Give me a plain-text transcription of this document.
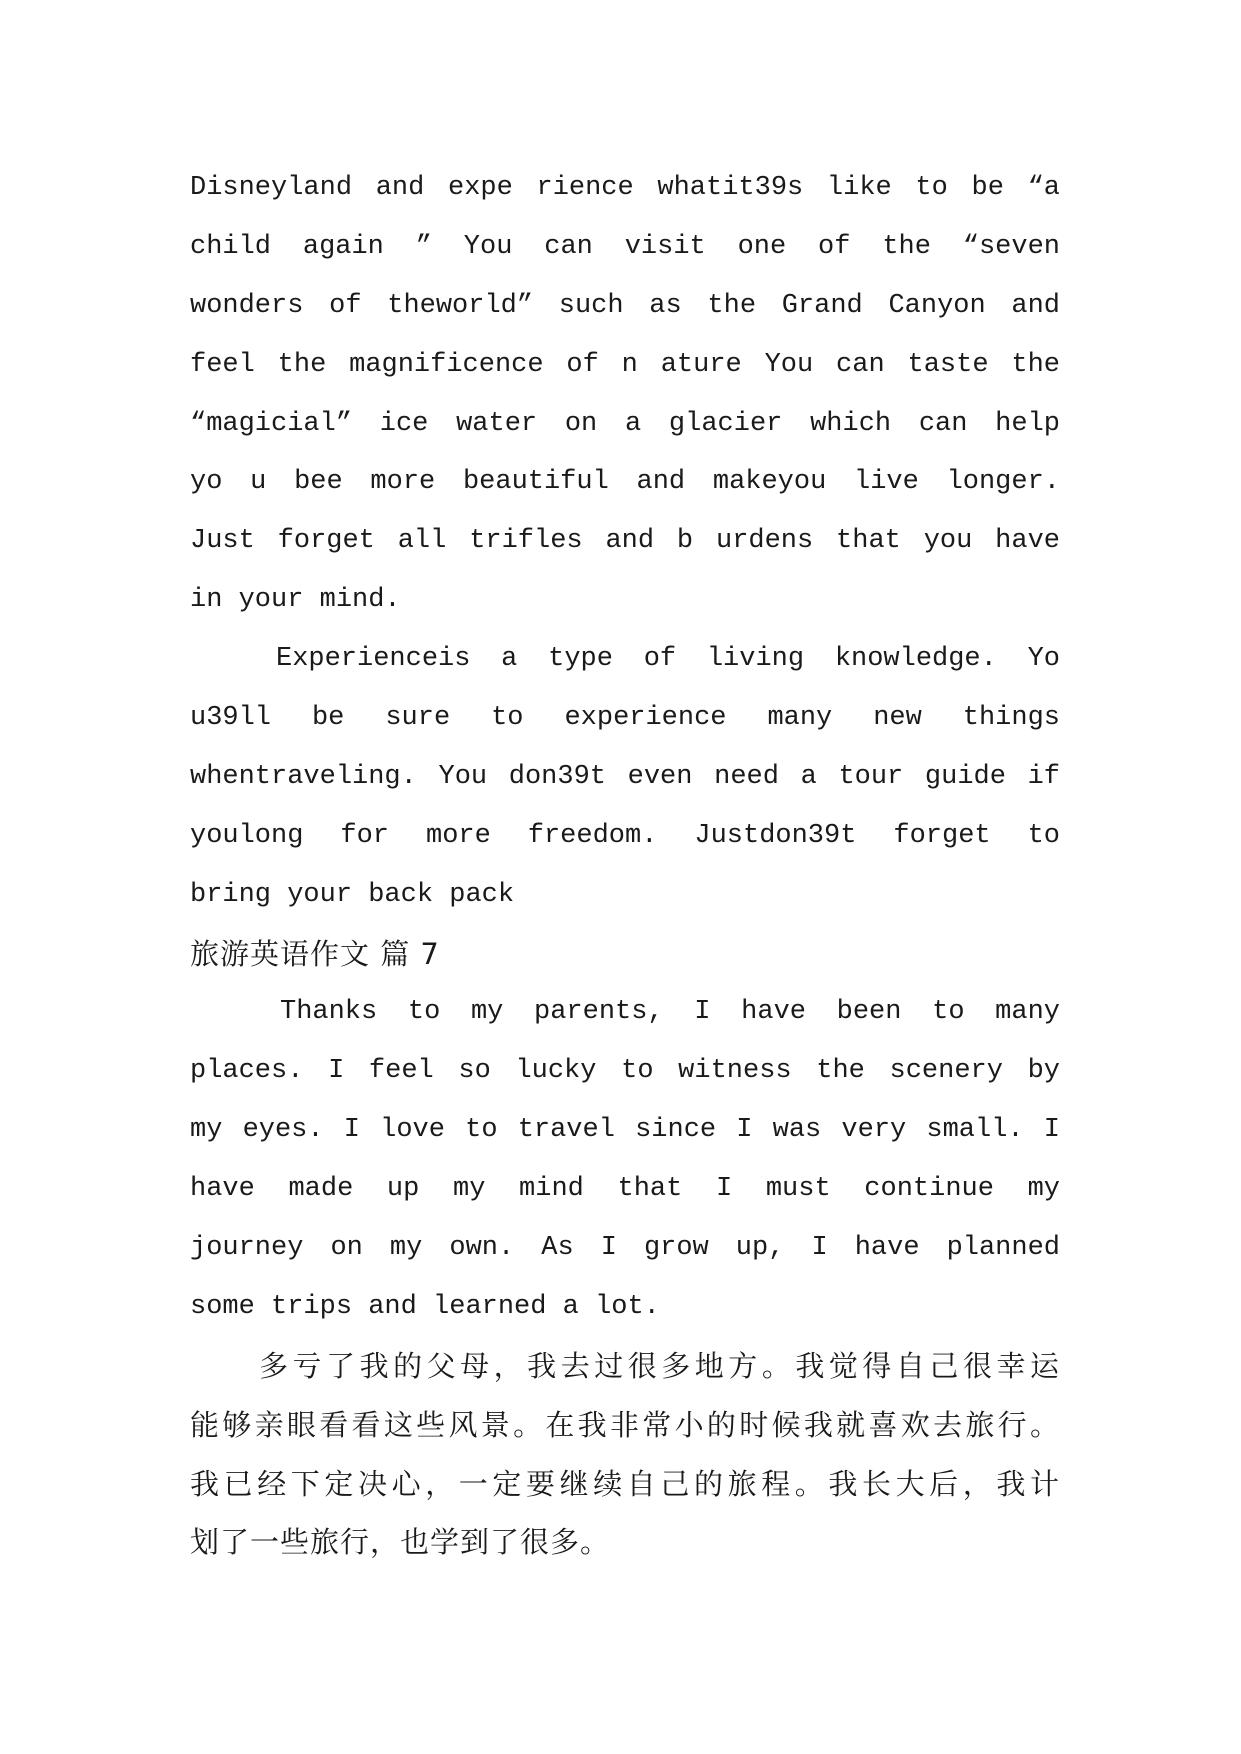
Disneyland and expe rience whatit39s like to be “a
child again ” You can visit one of the “seven
wonders of theworld” such as the Grand Canyon and
feel the magnificence of n ature You can taste the
“magicial” ice water on a glacier which can help
yo u bee more beautiful and makeyou live longer.
Just forget all trifles and b urdens that you have
in your mind.
Experienceis a type of living knowledge. Yo
u39ll be sure to experience many new things
whentraveling. You don39t even need a tour guide if
youlong for more freedom. Justdon39t forget to
bring your back pack
旅游英语作文 篇 7
Thanks to my parents, I have been to many
places. I feel so lucky to witness the scenery by
my eyes. I love to travel since I was very small. I
have made up my mind that I must continue my
journey on my own. As I grow up, I have planned
some trips and learned a lot.
多亏了我的父母，我去过很多地方。我觉得自己很幸运
能够亲眼看看这些风景。在我非常小的时候我就喜欢去旅行。
我已经下定决心，一定要继续自己的旅程。我长大后，我计
划了一些旅行，也学到了很多。
